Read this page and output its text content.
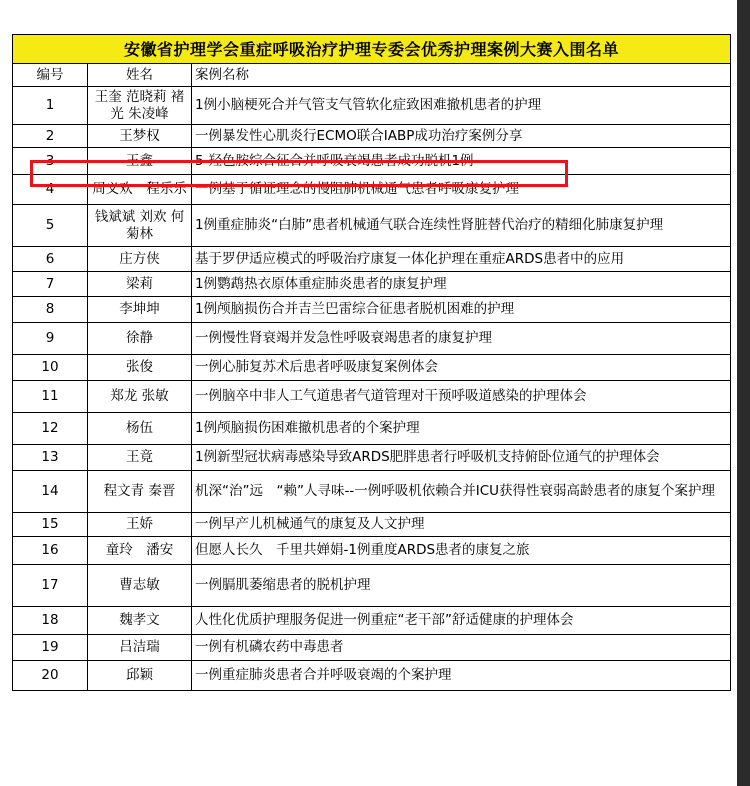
安徽省护理学会重症呼吸治疗护理专委会优秀护理案例大赛入围名单		
编号	姓名	案例名称
1	王奎 范晓莉 褚光 朱凌峰	1例小脑梗死合并气管支气管软化症致困难撤机患者的护理
2	王梦权	一例暴发性心肌炎行ECMO联合IABP成功治疗案例分享
3	王鑫	5-羟色胺综合征合并呼吸衰竭患者成功脱机1例
4	周义欢　程乐乐	一例基于循证理念的慢阻肺机械通气患者呼吸康复护理
5	钱斌斌 刘欢 何菊林	1例重症肺炎“白肺”患者机械通气联合连续性肾脏替代治疗的精细化肺康复护理
6	庄方侠	基于罗伊适应模式的呼吸治疗康复一体化护理在重症ARDS患者中的应用
7	梁莉	1例鹦鹉热衣原体重症肺炎患者的康复护理
8	李坤坤	1例颅脑损伤合并吉兰巴雷综合征患者脱机困难的护理
9	徐静	一例慢性肾衰竭并发急性呼吸衰竭患者的康复护理
10	张俊	一例心肺复苏术后患者呼吸康复案例体会
11	郑龙 张敏	一例脑卒中非人工气道患者气道管理对干预呼吸道感染的护理体会
12	杨伍	1例颅脑损伤困难撤机患者的个案护理
13	王竟	1例新型冠状病毒感染导致ARDS肥胖患者行呼吸机支持俯卧位通气的护理体会
14	程文青 秦晋	机深“治”远　“赖”人寻味--一例呼吸机依赖合并ICU获得性衰弱高龄患者的康复个案护理
15	王娇	一例早产儿机械通气的康复及人文护理
16	童玲　潘安	但愿人长久　千里共婵娟-1例重度ARDS患者的康复之旅
17	曹志敏	一例膈肌萎缩患者的脱机护理
18	魏孝文	人性化优质护理服务促进一例重症“老干部”舒适健康的护理体会
19	吕洁瑞	一例有机磷农药中毒患者
20	邱颖	一例重症肺炎患者合并呼吸衰竭的个案护理
